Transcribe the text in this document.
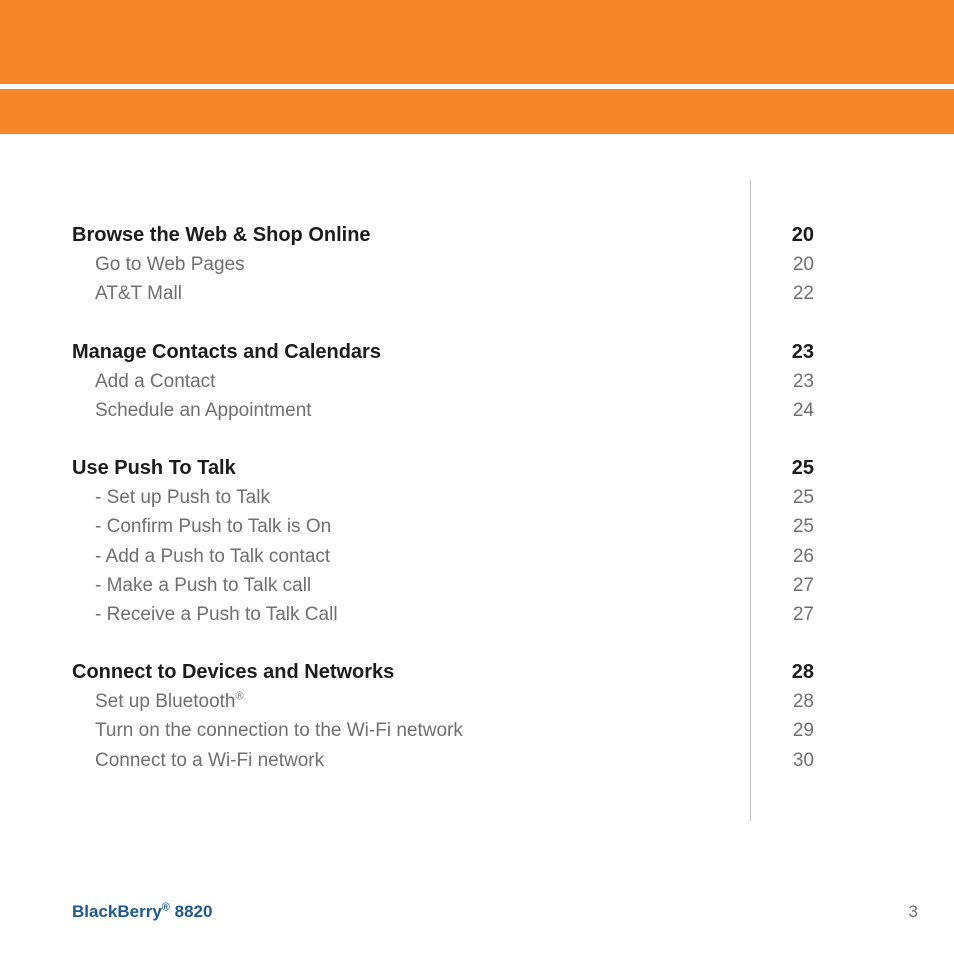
Browse the Web & Shop Online	20
Go to Web Pages	20
AT&T Mall	22
Manage Contacts and Calendars	23
Add a Contact	23
Schedule an Appointment	24
Use Push To Talk	25
- Set up Push to Talk	25
- Confirm Push to Talk is On	25
- Add a Push to Talk contact	26
- Make a Push to Talk call	27
- Receive a Push to Talk Call	27
Connect to Devices and Networks	28
Set up Bluetooth®	28
Turn on the connection to the Wi-Fi network	29
Connect to a Wi-Fi network	30
BlackBerry® 8820	3
